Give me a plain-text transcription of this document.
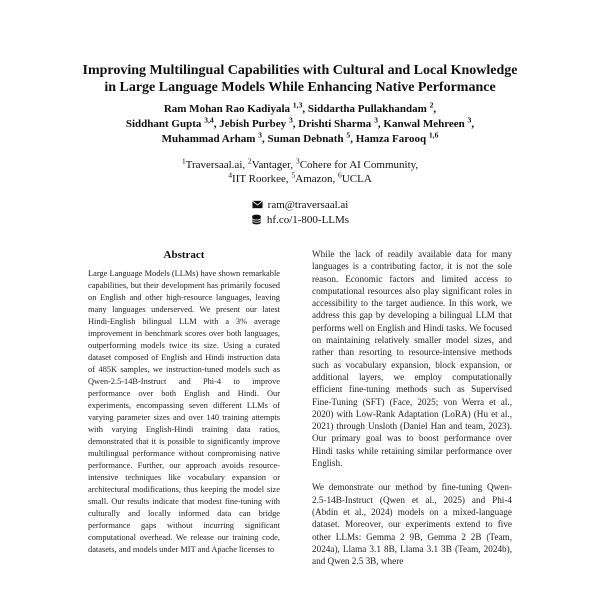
Improving Multilingual Capabilities with Cultural and Local Knowledge
in Large Language Models While Enhancing Native Performance
Ram Mohan Rao Kadiyala $^{1,3}$, Siddartha Pullakhandam $^2$,
Siddhant Gupta $^{3,4}$, Jebish Purbey $^3$, Drishti Sharma $^3$, Kanwal Mehreen $^3$,
Muhammad Arham $^3$, Suman Debnath $^5$, Hamza Farooq $^{1,6}$
$^1$Traversaal.ai, $^2$Vantager, $^3$Cohere for AI Community,
$^4$IIT Roorkee, $^5$Amazon, $^6$UCLA
ram@traversaal.ai
hf.co/1-800-LLMs
Abstract

Large Language Models (LLMs) have shown remarkable capabilities, but their development has primarily focused on English and other high-resource languages, leaving many languages underserved. We present our latest Hindi-English bilingual LLM with a 3% average improvement in benchmark scores over both languages, outperforming models twice its size. Using a curated dataset composed of English and Hindi instruction data of 485K samples, we instruction-tuned models such as Qwen-2.5-14B-Instruct and Phi-4 to improve performance over both English and Hindi. Our experiments, encompassing seven different LLMs of varying parameter sizes and over 140 training attempts with varying English-Hindi training data ratios, demonstrated that it is possible to significantly improve multilingual performance without compromising native performance. Further, our approach avoids resource-intensive techniques like vocabulary expansion or architectural modifications, thus keeping the model size small. Our results indicate that modest fine-tuning with culturally and locally informed data can bridge performance gaps without incurring significant computational overhead. We release our training code, datasets, and models under MIT and Apache licenses to

While the lack of readily available data for many languages is a contributing factor, it is not the sole reason. Economic factors and limited access to computational resources also play significant roles in accessibility to the target audience. In this work, we address this gap by developing a bilingual LLM that performs well on English and Hindi tasks. We focused on maintaining relatively smaller model sizes, and rather than resorting to resource-intensive methods such as vocabulary expansion, block expansion, or additional layers, we employ computationally efficient fine-tuning methods such as Supervised Fine-Tuning (SFT) (Face, 2025; von Werra et al., 2020) with Low-Rank Adaptation (LoRA) (Hu et al., 2021) through Unsloth (Daniel Han and team, 2023). Our primary goal was to boost performance over Hindi tasks while retaining similar performance over English.

We demonstrate our method by fine-tuning Qwen-2.5-14B-Instruct (Qwen et al., 2025) and Phi-4 (Abdin et al., 2024) models on a mixed-language dataset. Moreover, our experiments extend to five other LLMs: Gemma 2 9B, Gemma 2 2B (Team, 2024a), Llama 3.1 8B, Llama 3.1 3B (Team, 2024b), and Qwen 2.5 3B, where
